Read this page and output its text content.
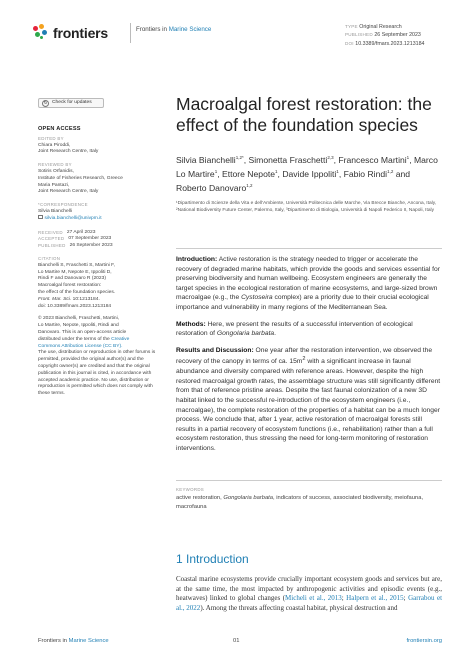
frontiers	Frontiers in Marine Science	TYPE Original Research
PUBLISHED 26 September 2023
DOI 10.3389/fmars.2023.1213184
↻ Check for updates
OPEN ACCESS
EDITED BY
Chiara Piroddi,
Joint Research Centre, Italy
REVIEWED BY
Sotiris Orfanidis,
Institute of Fisheries Research, Greece
Maria Pantazi,
Joint Research Centre, Italy
*CORRESPONDENCE
Silvia Bianchelli
silvia.bianchelli@univpm.it
RECEIVED 27 April 2023
ACCEPTED 07 September 2023
PUBLISHED 26 September 2023
CITATION
Bianchelli S, Fraschetti S, Martini F,
Lo Martire M, Nepote E, Ippoliti D,
Rindi F and Danovaro R (2023)
Macroalgal forest restoration:
the effect of the foundation species.
Front. Mar. Sci. 10:1213184.
doi: 10.3389/fmars.2023.1213184
© 2023 Bianchelli, Fraschetti, Martini,
Lo Martire, Nepote, Ippoliti, Rindi and
Danovaro. This is an open-access article
distributed under the terms of the Creative
Commons Attribution License (CC BY).
The use, distribution or reproduction in other forums is permitted, provided the original author(s) and the copyright owner(s) are credited and that the original publication in this journal is cited, in accordance with accepted academic practice. No use, distribution or reproduction is permitted which does not comply with these terms.
Macroalgal forest restoration: the effect of the foundation species
Silvia Bianchelli$^{1,2*}$, Simonetta Fraschetti$^{2,3}$, Francesco Martini$^1$, Marco Lo Martire$^1$, Ettore Nepote$^1$, Davide Ippoliti$^1$, Fabio Rindi$^{1,2}$ and Roberto Danovaro$^{1,2}$
¹Dipartimento di Scienze della Vita e dell'Ambiente, Università Politecnica delle Marche, Via Brecce Bianche, Ancona, Italy, ²National Biodiversity Future Center, Palermo, Italy, ³Dipartimento di Biologia, Università di Napoli Federico II, Napoli, Italy

Introduction: Active restoration is the strategy needed to trigger or accelerate the recovery of degraded marine habitats, which provide the goods and services essential for preserving biodiversity and human wellbeing. Ecosystem engineers are generally the target species in the ecological restoration of marine ecosystems, and large-sized brown macroalgae (e.g., the Cystoseira complex) are a priority due to their crucial ecological importance and vulnerability in many regions of the Mediterranean Sea.

Methods: Here, we present the results of a successful intervention of ecological restoration of Gongolaria barbata.

Results and Discussion: One year after the restoration intervention, we observed the recovery of the canopy in terms of ca. $15m^2$ with a significant increase in faunal abundance and diversity compared with reference areas. However, despite the high restored macroalgal growth rates, the assemblage structure was still significantly different from that of reference pristine areas. Despite the fast faunal colonization of a new 3D habitat linked to the successful re-introduction of the ecosystem engineers (i.e., macroalgae), the complete restoration of the properties of a habitat can be a much longer process. We conclude that, after 1 year, active restoration of macroalgal forests still results in a partial recovery of ecosystem functions (i.e., rehabilitation) rather than a full ecosystem restoration, thus stressing the need for long-term monitoring of restoration interventions.

KEYWORDS
active restoration, Gongolaria barbata, indicators of success, associated biodiversity, meiofauna, macrofauna
1 Introduction
Coastal marine ecosystems provide crucially important ecosystem goods and services but are, at the same time, the most impacted by anthropogenic activities and episodic events (e.g., heatwaves) linked to global changes (Micheli et al., 2013; Halpern et al., 2015; Garrabou et al., 2022). Among the threats affecting coastal habitat, physical destruction and
Frontiers in Marine Science	01	frontiersin.org
